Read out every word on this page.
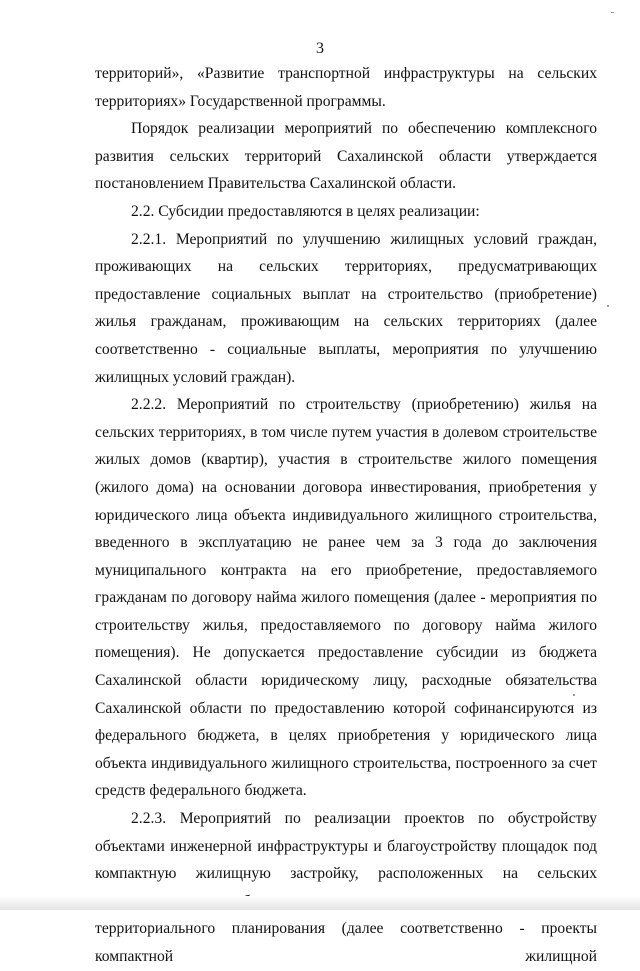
3

территорий», «Развитие транспортной инфраструктуры на сельских территориях» Государственной программы.

Порядок реализации мероприятий по обеспечению комплексного развития сельских территорий Сахалинской области утверждается постановлением Правительства Сахалинской области.

2.2. Субсидии предоставляются в целях реализации:

2.2.1. Мероприятий по улучшению жилищных условий граждан, проживающих на сельских территориях, предусматривающих предоставление социальных выплат на строительство (приобретение) жилья гражданам, проживающим на сельских территориях (далее соответственно - социальные выплаты, мероприятия по улучшению жилищных условий граждан).

2.2.2. Мероприятий по строительству (приобретению) жилья на сельских территориях, в том числе путем участия в долевом строительстве жилых домов (квартир), участия в строительстве жилого помещения (жилого дома) на основании договора инвестирования, приобретения у юридического лица объекта индивидуального жилищного строительства, введенного в эксплуатацию не ранее чем за 3 года до заключения муниципального контракта на его приобретение, предоставляемого гражданам по договору найма жилого помещения (далее - мероприятия по строительству жилья, предоставляемого по договору найма жилого помещения). Не допускается предоставление субсидии из бюджета Сахалинской области юридическому лицу, расходные обязательства Сахалинской области по предоставлению которой софинансируются из федерального бюджета, в целях приобретения у юридического лица объекта индивидуального жилищного строительства, построенного за счет средств федерального бюджета.

2.2.3. Мероприятий по реализации проектов по обустройству объектами инженерной инфраструктуры и благоустройству площадок под компактную жилищную застройку, расположенных на сельских территориального планирования (далее соответственно - проекты компактной жилищной
